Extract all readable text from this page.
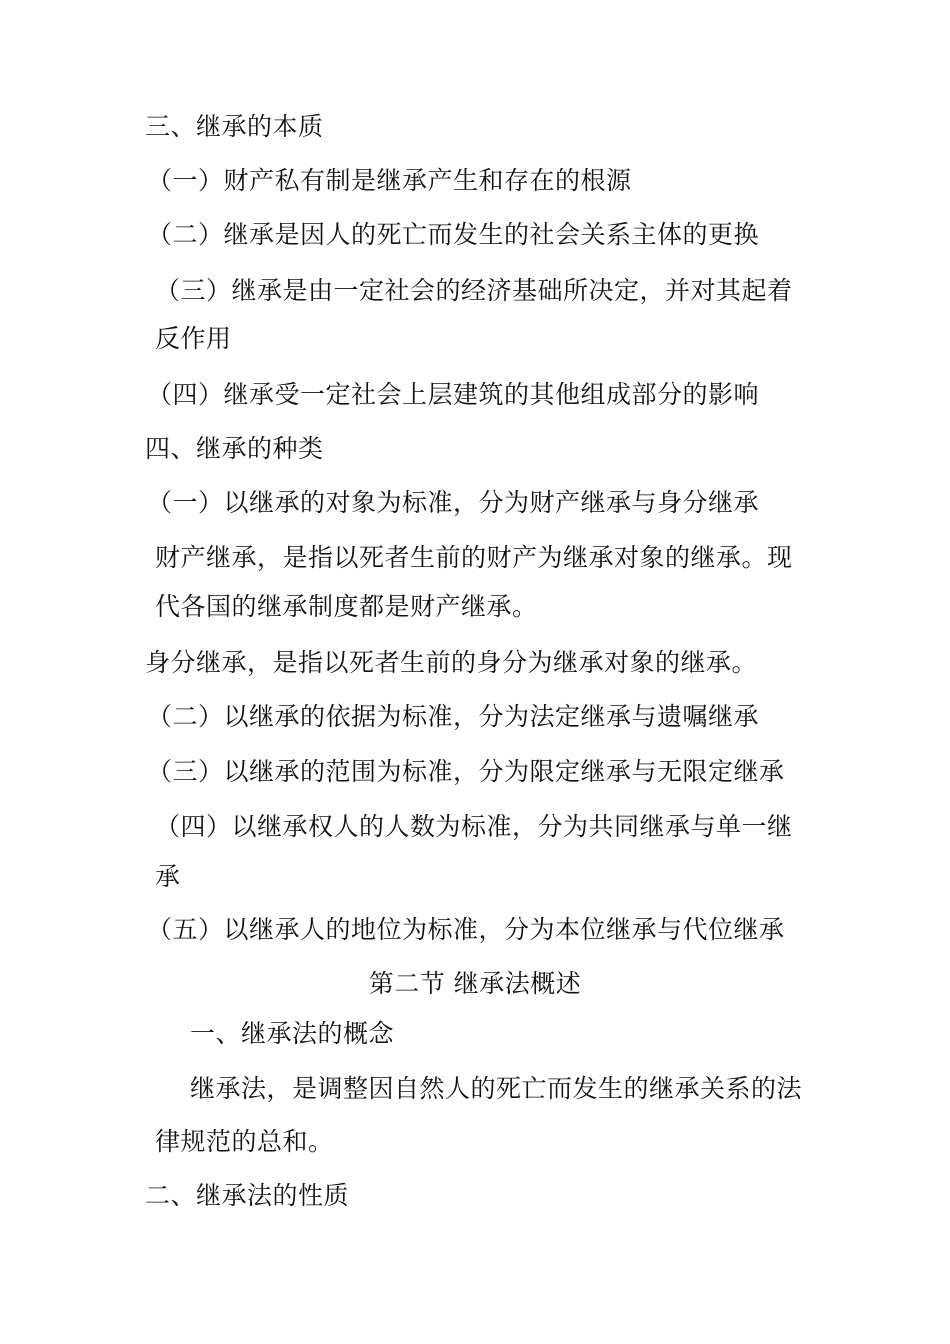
三、继承的本质
（一）财产私有制是继承产生和存在的根源
（二）继承是因人的死亡而发生的社会关系主体的更换
（三）继承是由一定社会的经济基础所决定，并对其起着
反作用
（四）继承受一定社会上层建筑的其他组成部分的影响
四、继承的种类
（一）以继承的对象为标准，分为财产继承与身分继承
财产继承，是指以死者生前的财产为继承对象的继承。现
代各国的继承制度都是财产继承。
身分继承，是指以死者生前的身分为继承对象的继承。
（二）以继承的依据为标准，分为法定继承与遗嘱继承
（三）以继承的范围为标准，分为限定继承与无限定继承
（四）以继承权人的人数为标准，分为共同继承与单一继
承
（五）以继承人的地位为标准，分为本位继承与代位继承
第二节 继承法概述
一、继承法的概念
继承法，是调整因自然人的死亡而发生的继承关系的法
律规范的总和。
二、继承法的性质
